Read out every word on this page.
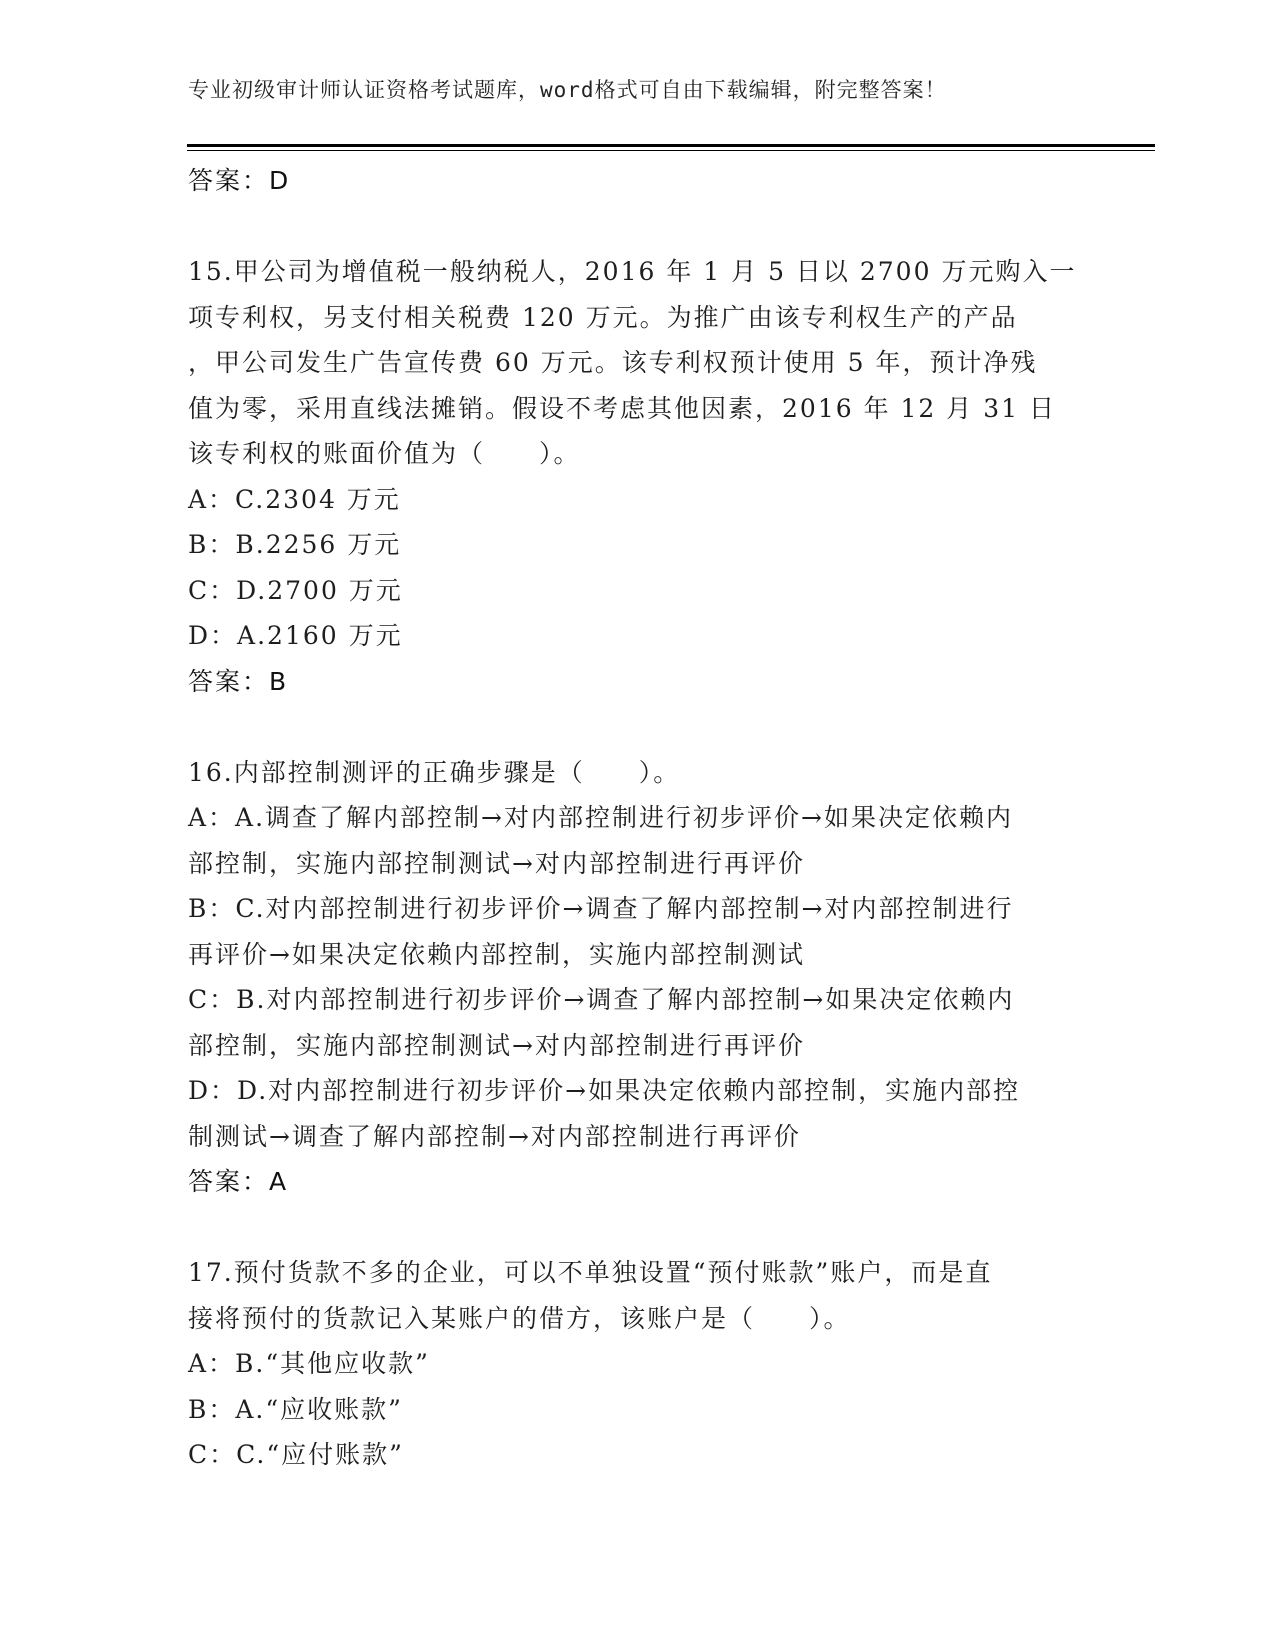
专业初级审计师认证资格考试题库，word格式可自由下载编辑，附完整答案！
答案：D
15.甲公司为增值税一般纳税人，2016 年 1 月 5 日以 2700 万元购入一
项专利权，另支付相关税费 120 万元。为推广由该专利权生产的产品
，甲公司发生广告宣传费 60 万元。该专利权预计使用 5 年，预计净残
值为零，采用直线法摊销。假设不考虑其他因素，2016 年 12 月 31 日
该专利权的账面价值为（　　）。
A：C.2304 万元
B：B.2256 万元
C：D.2700 万元
D：A.2160 万元
答案：B
16.内部控制测评的正确步骤是（　　）。
A：A.调查了解内部控制→对内部控制进行初步评价→如果决定依赖内
部控制，实施内部控制测试→对内部控制进行再评价
B：C.对内部控制进行初步评价→调查了解内部控制→对内部控制进行
再评价→如果决定依赖内部控制，实施内部控制测试
C：B.对内部控制进行初步评价→调查了解内部控制→如果决定依赖内
部控制，实施内部控制测试→对内部控制进行再评价
D：D.对内部控制进行初步评价→如果决定依赖内部控制，实施内部控
制测试→调查了解内部控制→对内部控制进行再评价
答案：A
17.预付货款不多的企业，可以不单独设置“预付账款”账户，而是直
接将预付的货款记入某账户的借方，该账户是（　　）。
A：B.“其他应收款”
B：A.“应收账款”
C：C.“应付账款”
